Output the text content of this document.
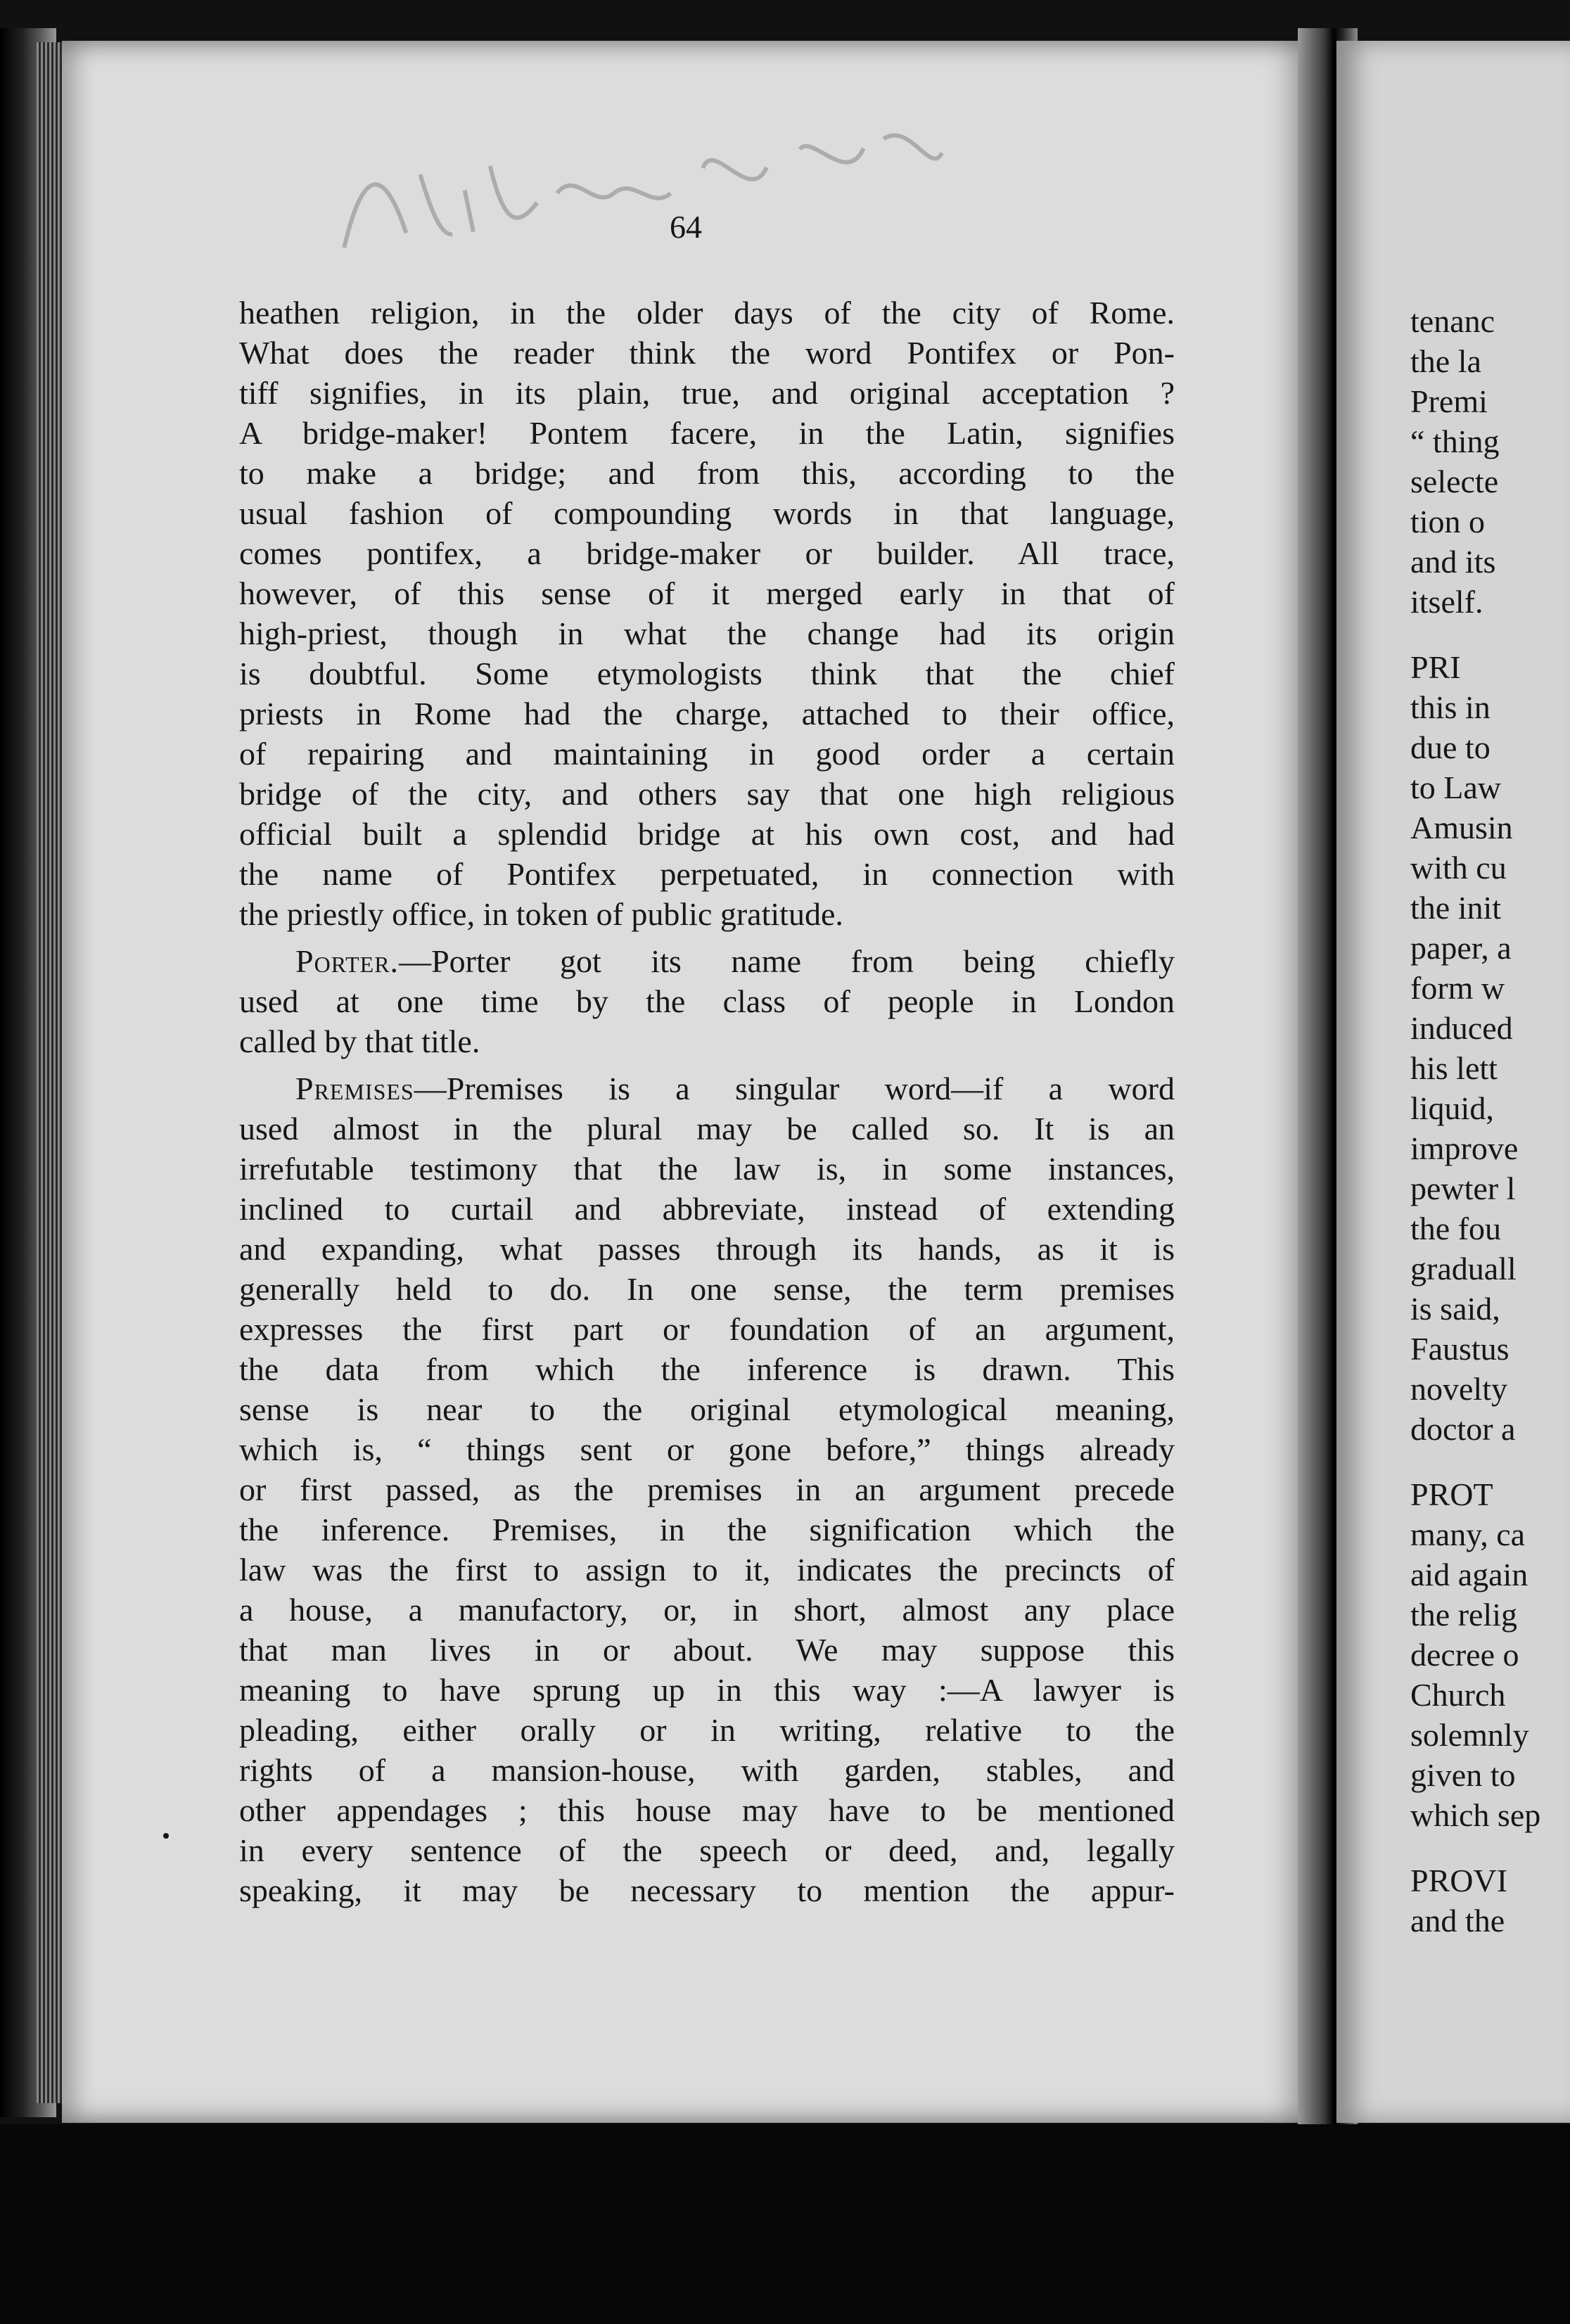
64
heathen religion, in the older days of the city of Rome.
What does the reader think the word Pontifex or Pon-
tiff signifies, in its plain, true, and original acceptation ?
A bridge-maker! Pontem facere, in the Latin, signifies
to make a bridge; and from this, according to the
usual fashion of compounding words in that language,
comes pontifex, a bridge-maker or builder. All trace,
however, of this sense of it merged early in that of
high-priest, though in what the change had its origin
is doubtful. Some etymologists think that the chief
priests in Rome had the charge, attached to their office,
of repairing and maintaining in good order a certain
bridge of the city, and others say that one high religious
official built a splendid bridge at his own cost, and had
the name of Pontifex perpetuated, in connection with
the priestly office, in token of public gratitude.
Porter.—Porter got its name from being chiefly
used at one time by the class of people in London
called by that title.
Premises—Premises is a singular word—if a word
used almost in the plural may be called so. It is an
irrefutable testimony that the law is, in some instances,
inclined to curtail and abbreviate, instead of extending
and expanding, what passes through its hands, as it is
generally held to do. In one sense, the term premises
expresses the first part or foundation of an argument,
the data from which the inference is drawn. This
sense is near to the original etymological meaning,
which is, “ things sent or gone before,” things already
or first passed, as the premises in an argument precede
the inference. Premises, in the signification which the
law was the first to assign to it, indicates the precincts of
a house, a manufactory, or, in short, almost any place
that man lives in or about. We may suppose this
meaning to have sprung up in this way :—A lawyer is
pleading, either orally or in writing, relative to the
rights of a mansion-house, with garden, stables, and
other appendages ; this house may have to be mentioned
in every sentence of the speech or deed, and, legally
speaking, it may be necessary to mention the appur-
tenanc
the la
Premi
“ thing
selecte
tion o
and its
itself.
PRI
this in
due to
to Law
Amusin
with cu
the init
paper, a
form w
induced
his lett
liquid,
improve
pewter l
the fou
graduall
is said,
Faustus
novelty
doctor a
PROT
many, ca
aid again
the relig
decree o
Church
solemnly
given to
which sep
PROVI
and the
